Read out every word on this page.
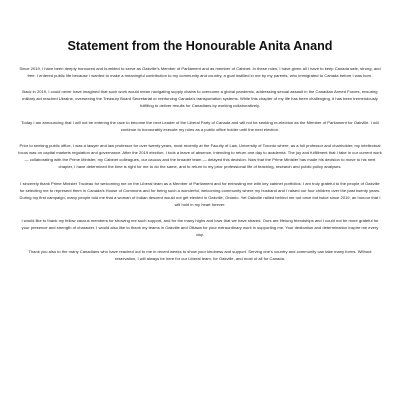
Statement from the Honourable Anita Anand

Since 2019, I have been deeply honoured and humbled to serve as Oakville’s Member of Parliament and as member of Cabinet. In these roles, I have given all I have to keep Canada safe, strong, and free. I entered public life because I wanted to make a meaningful contribution to my community and country, a goal instilled in me by my parents, who immigrated to Canada before I was born.

Back in 2019, I could never have imagined that such work would mean navigating supply chains to overcome a global pandemic, addressing sexual assault in the Canadian Armed Forces, ensuring military aid reached Ukraine, overseeing the Treasury Board Secretariat or reinforcing Canada’s transportation systems. While this chapter of my life has been challenging, it has been tremendously fulfilling to deliver results for Canadians by working collaboratively.

Today I am announcing that I will not be entering the race to become the next Leader of the Liberal Party of Canada and will not be seeking re-election as the Member of Parliament for Oakville. I will continue to honourably execute my roles as a public office holder until the next election.

Prior to seeking public office, I was a lawyer and law professor for over twenty years, most recently at the Faculty of Law, University of Toronto where, as a full professor and chairholder, my intellectual focus was on capital markets regulation and governance. After the 2019 election, I took a leave of absence, intending to return one day to academia. The joy and fulfillment that I take in our current work — collaborating with the Prime Minister, my Cabinet colleagues, our caucus and the broader team — delayed this decision. Now that the Prime Minister has made his decision to move to his next chapter, I have determined the time is right for me to do the same, and to return to my prior professional life of teaching, research and public policy analyses.

I sincerely thank Prime Minister Trudeau for welcoming me on the Liberal team as a Member of Parliament and for entrusting me with key cabinet portfolios. I am truly grateful to the people of Oakville for selecting me to represent them in Canada’s House of Commons and for being such a wonderful, welcoming community where my husband and I raised our four children over the past twenty years. During my first campaign, many people told me that a woman of Indian descent would not get elected in Oakville, Ontario. Yet Oakville rallied behind me not once but twice since 2019, an honour that I will hold in my heart forever.

I would like to thank my fellow caucus members for showing me such support, and for the many highs and lows that we have shared. Ours are lifelong friendships and I could not be more grateful for your presence and strength of character. I would also like to thank my teams in Oakville and Ottawa for your extraordinary work in supporting me. Your dedication and determination inspire me every day.

Thank you also to the many Canadians who have reached out to me in recent weeks to show your kindness and support. Serving one’s country and community can take many forms. Without reservation, I will always be here for our Liberal team, for Oakville, and most of all for Canada.
